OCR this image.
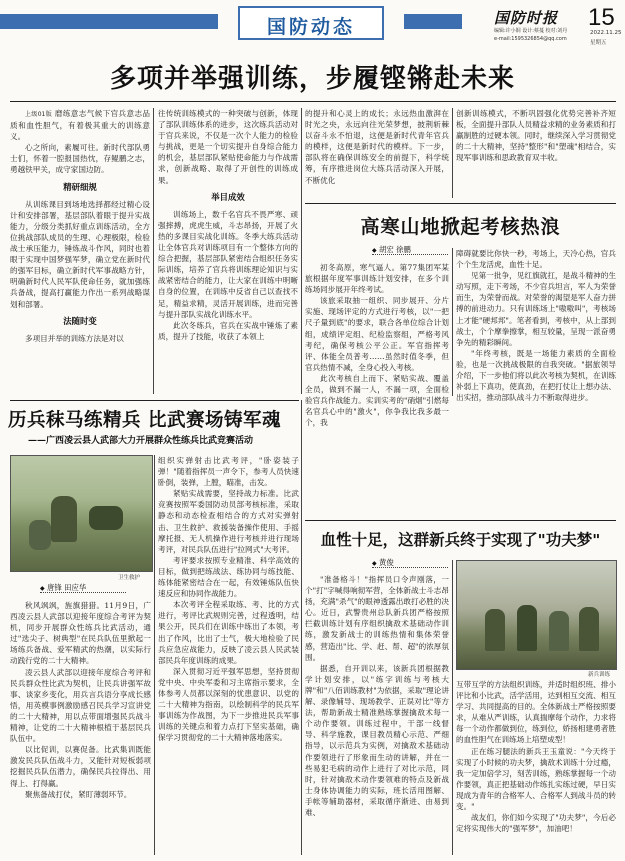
国防动态	国防时报 15
2022.11.25
星期五
编辑:许小铜 设计:蔡蔓 校对:刘丹
e-mail:1595326854@qq.com
多项并举强训练，步履铿锵赴未来

上级01版 磨练意志气候下官兵意志品质和血性胆气，有着极其重大的训练意义。

心之所向，素履可往。新时代部队勇士们，怀着一腔报国热忱，存鲲鹏之志，勇越铁甲关，成守家国边防。

精研细规

从训练课目到场地选择都经过精心设计和安排部署，基层部队着眼于提升实战能力，分级分类抓好重点训练活动，全方位挑战部队成员的生理、心理极限，检验战士承压能力，锤炼战斗作风，同时也着眼于实现中国梦强军梦，确立党在新时代的强军目标，确立新时代军事战略方针，明确新时代人民军队使命任务，就加强练兵备战，提高打赢能力作出一系列战略谋划和部署。

法随时变

多项目并举的训练方法是对以

往传统训练模式的一种突破与创新，体现了部队训练体系的进步，这次练兵活动对于官兵来说，不仅是一次个人能力的检验与挑战，更是一个切实提升自身综合能力的机会，基层部队紧贴使命能力与作战需求，创新战略、取得了开创性的训练成果。

举目成效

训练场上，数千名官兵不畏严寒、顽强摔搏，虎虎生威，斗志昂扬，开展了火热的多课目实战化训练。冬季大练兵活动让全体官兵对训练项目有一个整体方向的综合把握，基层部队紧密结合组织任务实际训练，培养了官兵将训练理论知识与实战紧密结合的能力，让大家在训练中明晰自身的位置，在训练中反省自己以查找不足，精益求精，灵活开展训练，进而完善与提升部队实战化训练水平。

此次冬练兵，官兵在实战中锤炼了素质，提升了技能，收获了本领上

的提升和心灵上的成长；永远热血激湃在时光之央，永远向往光荣梦想，披荆斩棘以奋斗永不怕退，这便是新时代青年官兵的模样，这便是新时代的模样。下一步，部队将在确保训练安全的前提下，科学统筹，有序推进岗位大练兵活动深入开展，不断优化

创新训练模式，不断巩固强化优势完善补齐短板，全面提升部队人员精益求精的业务素质和打赢制胜的过硬本领。同时，继续深入学习贯彻党的二十大精神，坚持"整形"和"塑魂"相结合，实现军事训练和思政教育双丰收。

高寒山地掀起考核热浪
◆ 胡宏 徐鹏

初冬高原，寒气逼人。第77集团军某旅根据年度军事训练计划安排，在多个训练场同步展开年终考试。

该旅采取抽一组织、同步展开、分片实施、现场评定的方式进行考核，以"一把尺子量到底"的要求，联合各单位综合计划组，成绩评定组、纪检监察组，严格考风考纪，确保考核公平公正。军官指挥考评、体能全员普考……虽然时值冬季，但官兵热情不减，全身心投入考核。

此次考核自上而下、紧贴实战、覆盖全员，做到不漏一人，不漏一项，全面检验官兵作战能力。实训实考的"硝烟"引燃每名官兵心中的"激火"，你争我比我多最一个，我

障碍就要比你快一秒，考场上，天冷心热，官兵个个生龙活虎，血性十足。

见第一批争，见红旗就扛，是战斗精神的生动写照，走下考场，不少官兵坦言，军人为荣誉而生，为荣誉而战。对荣誉的渴望是军人奋力拼搏的前进动力。只有训练场上"嗷嗷叫"，考核场上才能"硬邦邦"。笔者看到，考核中，从上部到战士，个个摩拳擦掌，相互较量，呈现一派奋勇争先的精彩瞬间。

"年终考核，既是一场能力素质的全面检验，也是一次挑战极限的自我突破。"据旅领导介绍，下一步他们将以此次考核为契机，在训练补弱上下真功，使真劲，在把打仗让上想办法、出实招，推动部队战斗力不断取得进步。

历兵秣马练精兵 比武赛场铸军魂
——广西凌云县人武部大力开展群众性练兵比武竞赛活动
卫生救护
◆ 唐锋 田应华

秋风飒飒，旌旗猎猎。11月9日，广西凌云县人武部以迎接年度综合考评为契机，同步开展群众性练兵比武活动，通过"选尖子、树典型"在民兵队伍里掀起一场练兵备战、爱军精武的热潮，以实际行动践行党的二十大精神。

凌云县人武部以迎接年度综合考评和民兵群众性比武为契机，让民兵讲强军故事、谈家乡变化，用兵言兵语分享成长感悟，用英模事例激励感召民兵学习宣讲党的二十大精神，用以点带面增强民兵战斗精神，让党的二十大精神根植于基层民兵队伍中。

以比促训，以赛促备。比武集训既能激发民兵队伍战斗力，又能针对短板弱项挖掘民兵队伍潜力，确保民兵拉得出、用得上、打得赢。

聚焦备战打仗，紧盯薄弱环节。

组织实弹射击比武考评，"卧姿装子弹！"随着指挥员一声令下，参考人员快速卧倒，装弹，上膛，瞄准，击发。

紧贴实战需要，坚持战力标准。比武竞赛按照军委国防动员部考核标准，采取静态和动态检查相结合的方式对实弹射击、卫生救护、救援装备操作使用、手摇摩托报、无人机操作进行考核并进行现场考评，对民兵队伍进行"拉网式"大考评。

考评要求按照专业精准、科学高效的目标，做到把练战法、练协同与练技能、练体能紧密结合在一起，有效锤炼队伍快速反应和协同作战能力。

本次考评全程采取练、考、比的方式进行，考评比武规则完善，过程透明，结果公开，民兵们在训练中练出了本领，考出了作风，比出了士气，极大地检验了民兵应急应战能力，反映了凌云县人民武装部民兵年度训练的成果。

深入贯彻习近平强军思想，坚持贯彻党中央、中央军委和习主席指示要求，全体参考人员都以深刻的忧患意识、以党的二十大精神为指南，以绘制科学的民兵军事训练为作战图，为下一步推进民兵军事训练的关键点和着力点打下坚实基础，确保学习贯彻党的二十大精神落地落实。

血性十足，这群新兵终于实现了"功夫梦"
◆ 黄俊

"准备格斗！"指挥员口令声刚落，一个"打"字喊得响彻军营，全体新战士斗志昂扬，充满"杀气"的眼神透露出敢打必胜的决心。近日，武警贵州总队新兵团严格按照拦截训练计划有序组织擒敌术基础动作训练，激发新战士的训练热情和集体荣誉感，营造出"比、学、赶、帮、超"的浓厚氛围。

据悉，自开训以来，该新兵团根据教学计划安排，以"练字训练与考核大牌"和"八佰训练教材"为依据，采取"理论讲解、录像辅导、现场教学、正误对比"等方法，帮助新战士精准熟练掌握擒敌术每一个动作要领。训练过程中，干部一线督导、科学施教，课目教员精心示范、严细指导，以示范兵为实例，对擒敌术基础动作要领进行了形象而生动的讲解，并在一些易犯毛病的动作上进行了对比示范，同时，针对擒敌术动作要领难的特点及新战士身体协调能力的实际，班长活用图解、手帐等辅助器材，采取循序渐进、由易到难、

新兵训练

互带互学的方法组织训练，并适时组织班、排小评比和小比武，活学活用，达到相互交流、相互学习、共同提高的目的。全体新战士严格按照要求，从难从严训练，认真揣摩每个动作，力求将每一个动作都做到位，练到位，娇扬相建勇者胜的血性胆气在训练场上培塑成型！

正在练习腿法的新兵王玉童说："今天终于实现了小时候的功夫梦，擒敌术训练十分过瘾，我一定加倍学习，刻苦训练，熟练掌握每一个动作要领，真正把基础动作练扎实练过硬，早日实现成为青年的合格军人、合格军人到战斗员的转变。"

战友们，你们如今实现了"功夫梦"，今后必定将实现伟大的"强军梦"，加油吧！
